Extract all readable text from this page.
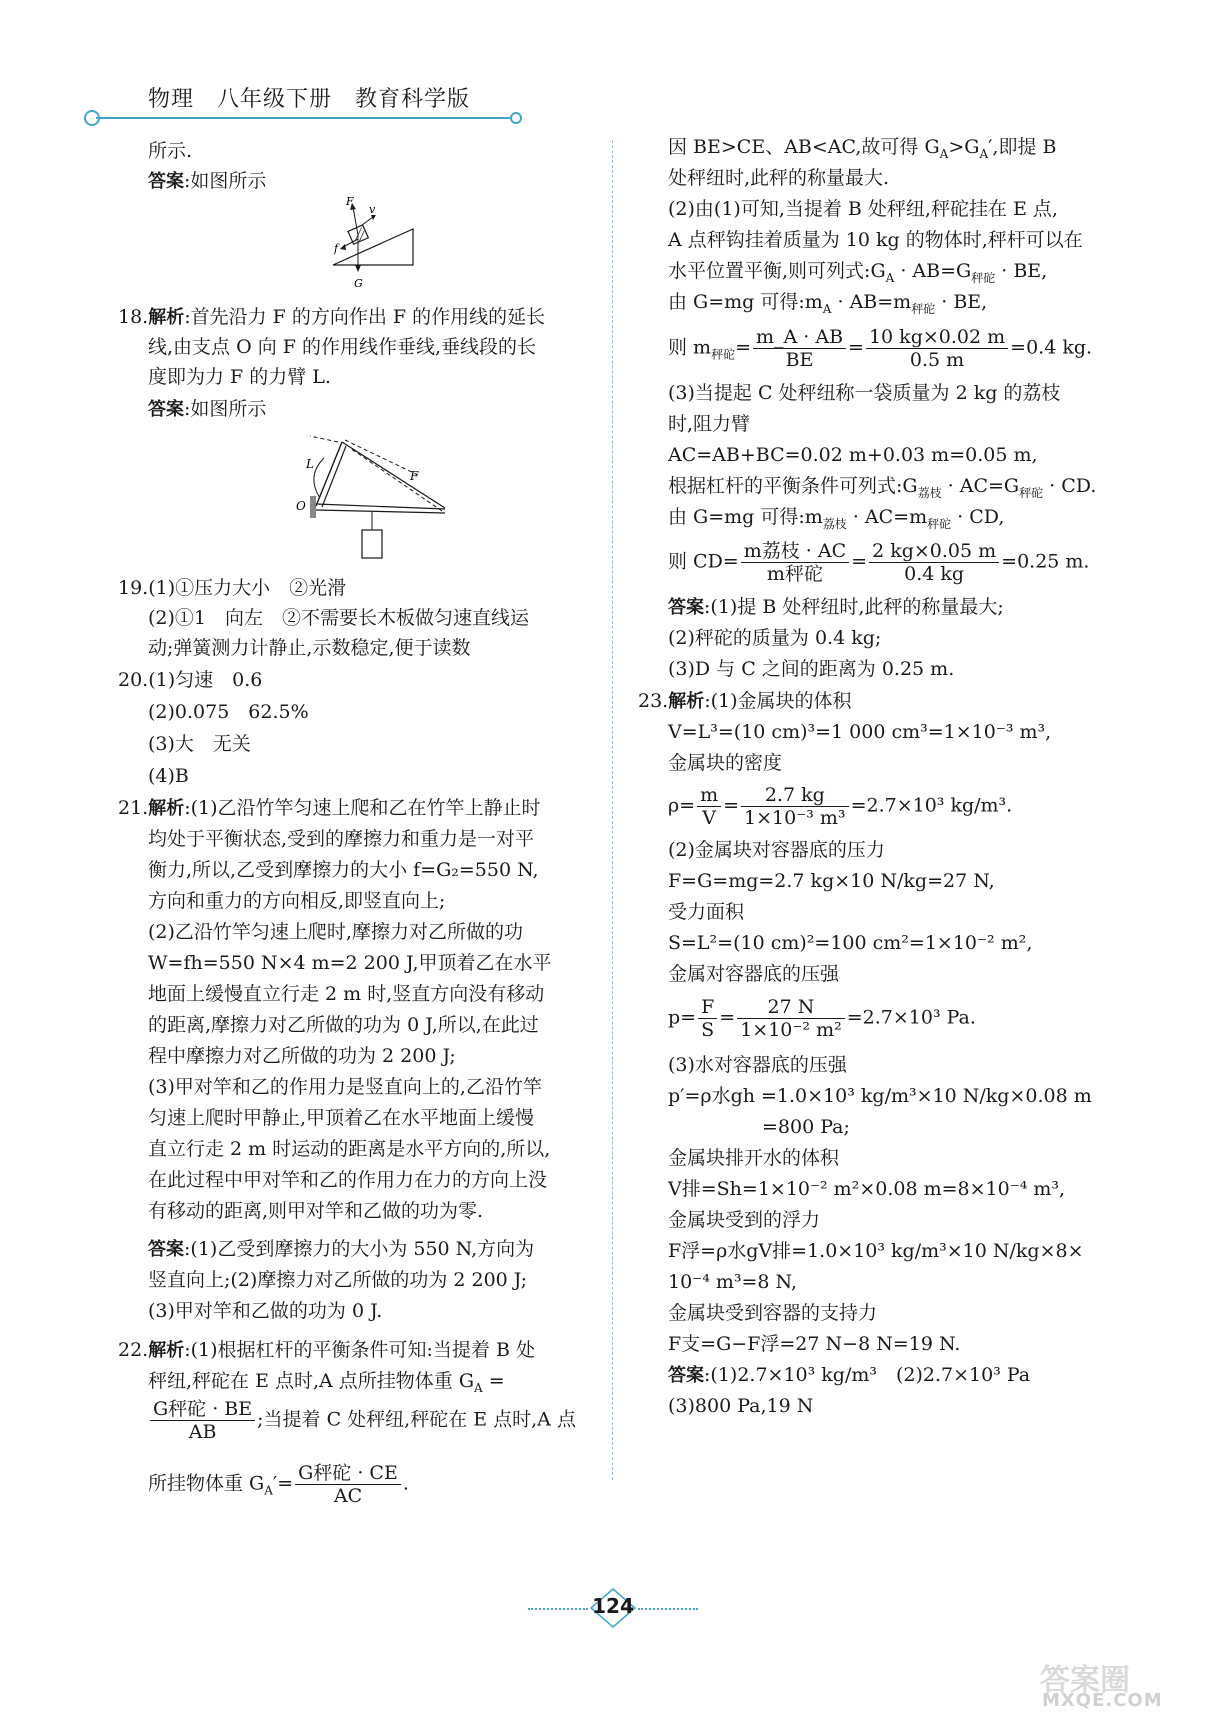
物理　八年级下册　教育科学版
所示.
答案:如图所示
F
v
f
G
18.解析:首先沿力 F 的方向作出 F 的作用线的延长
线,由支点 O 向 F 的作用线作垂线,垂线段的长
度即为力 F 的力臂 L.
答案:如图所示
L
F
O
19.(1)①压力大小　②光滑
(2)①1　向左　②不需要长木板做匀速直线运
动;弹簧测力计静止,示数稳定,便于读数
20.(1)匀速　0.6
(2)0.075　62.5%
(3)大　无关
(4)B
21.解析:(1)乙沿竹竿匀速上爬和乙在竹竿上静止时
均处于平衡状态,受到的摩擦力和重力是一对平
衡力,所以,乙受到摩擦力的大小 f=G₂=550 N,
方向和重力的方向相反,即竖直向上;
(2)乙沿竹竿匀速上爬时,摩擦力对乙所做的功
W=fh=550 N×4 m=2 200 J,甲顶着乙在水平
地面上缓慢直立行走 2 m 时,竖直方向没有移动
的距离,摩擦力对乙所做的功为 0 J,所以,在此过
程中摩擦力对乙所做的功为 2 200 J;
(3)甲对竿和乙的作用力是竖直向上的,乙沿竹竿
匀速上爬时甲静止,甲顶着乙在水平地面上缓慢
直立行走 2 m 时运动的距离是水平方向的,所以,
在此过程中甲对竿和乙的作用力在力的方向上没
有移动的距离,则甲对竿和乙做的功为零.
答案:(1)乙受到摩擦力的大小为 550 N,方向为
竖直向上;(2)摩擦力对乙所做的功为 2 200 J;
(3)甲对竿和乙做的功为 0 J.
22.解析:(1)根据杠杆的平衡条件可知:当提着 B 处
秤纽,秤砣在 E 点时,A 点所挂物体重 $G_A$ =
$\frac{\text{G秤砣 · BE}}{AB}$ ;当提着 C 处秤纽,秤砣在 E 点时,A 点
所挂物体重 $G_A'= \frac{\text{G秤砣 · CE}}{AC}$ .
因 BE>CE、AB<AC,故可得 $G_A>G_A'$,即提 B
处秤纽时,此秤的称量最大.
(2)由(1)可知,当提着 B 处秤纽,秤砣挂在 E 点,
A 点秤钩挂着质量为 10 kg 的物体时,秤杆可以在
水平位置平衡,则可列式$:G_A \cdot AB=G_{秤砣}$ · BE,
由 G=mg 可得$:m_A \cdot AB=m_{秤砣}$ · BE,
则 $m_{秤砣}= \frac{m\_A \cdot AB}{BE} = \frac{10 kg\times 0.02 m}{0.5 m} =0.4$ kg.
(3)当提起 C 处秤纽称一袋质量为 2 kg 的荔枝
时,阻力臂
AC=AB+BC=0.02 m+0.03 m=0.05 m,
根据杠杆的平衡条件可列式$:G_{荔枝} \cdot AC=G_{秤砣}$ · CD.
由 G=mg 可得$:m_{荔枝} \cdot AC=m_{秤砣}$ · CD,
则 $CD= \frac{\text{m荔枝 · AC}}{\text{m秤砣}} = \frac{2 kg\times 0.05 m}{0.4 kg} =0.25$ m.
答案:(1)提 B 处秤纽时,此秤的称量最大;
(2)秤砣的质量为 0.4 kg;
(3)D 与 C 之间的距离为 0.25 m.
23.解析:(1)金属块的体积
V=L³=(10 cm)³=1 000 cm³=1×10⁻³ m³,
金属块的密度
$\rho= \frac{m}{V} = \frac{2.7 kg}{\text{1×10⁻³ m³}} =2.7\times 10^3$ kg/m³.
(2)金属块对容器底的压力
F=G=mg=2.7 kg×10 N/kg=27 N,
受力面积
S=L²=(10 cm)²=100 cm²=1×10⁻² m²,
金属对容器底的压强
$p= \frac{F}{S} = \frac{27 N}{\text{1×10⁻² m²}} =2.7\times 10^3$ Pa.
(3)水对容器底的压强
p′=ρ水gh =1.0×10³ kg/m³×10 N/kg×0.08 m
=800 Pa;
金属块排开水的体积
V排=Sh=1×10⁻² m²×0.08 m=8×10⁻⁴ m³,
金属块受到的浮力
F浮=ρ水gV排=1.0×10³ kg/m³×10 N/kg×8×
10⁻⁴ m³=8 N,
金属块受到容器的支持力
F支=G−F浮=27 N−8 N=19 N.
答案:(1)2.7×10³ kg/m³　(2)2.7×10³ Pa
(3)800 Pa,19 N
124
答案圈
MXQE.COM
